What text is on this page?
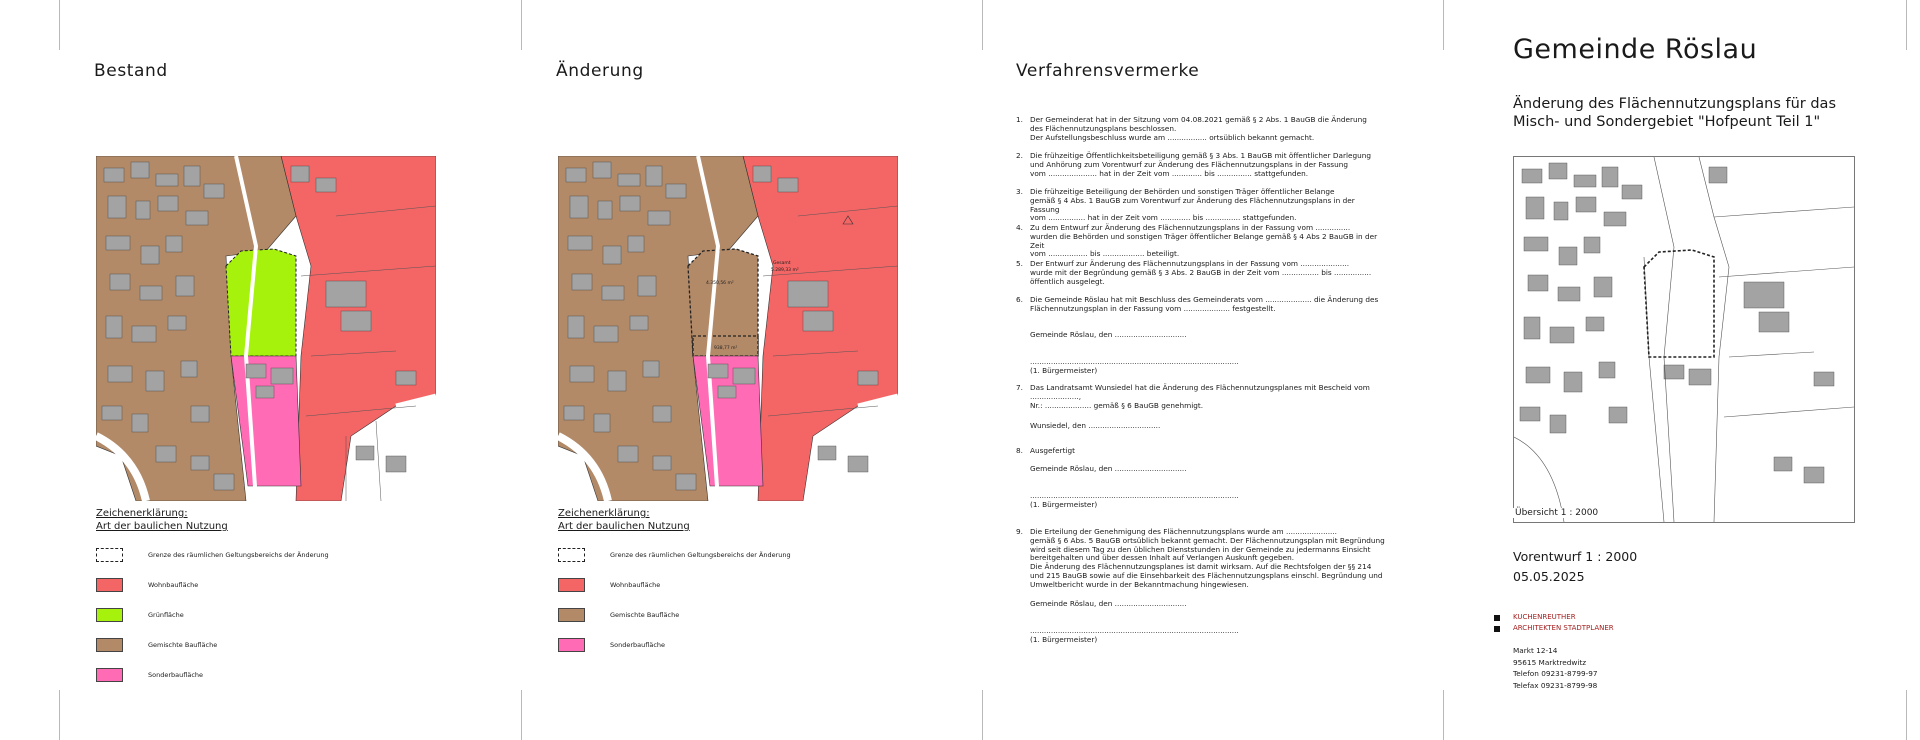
Bestand	Änderung	Verfahrensvermerke
4.350,56 m²
Gesamt
5.289,33 m²
938,77 m²
Zeichenerklärung:
Art der baulichen Nutzung
Grenze des räumlichen Geltungsbereichs der Änderung
Wohnbaufläche
Grünfläche
Gemischte Baufläche
Sonderbaufläche
Zeichenerklärung:
Art der baulichen Nutzung
Grenze des räumlichen Geltungsbereichs der Änderung
Wohnbaufläche
Gemischte Baufläche
Sonderbaufläche
1. Der Gemeinderat hat in der Sitzung vom 04.08.2021 gemäß § 2 Abs. 1 BauGB die Änderung
des Flächennutzungsplans beschlossen.
Der Aufstellungsbeschluss wurde am ................. ortsüblich bekannt gemacht.
2. Die frühzeitige Öffentlichkeitsbeteiligung gemäß § 3 Abs. 1 BauGB mit öffentlicher Darlegung
und Anhörung zum Vorentwurf zur Änderung des Flächennutzungsplans in der Fassung
vom ..................... hat in der Zeit vom ............. bis ............... stattgefunden.
3. Die frühzeitige Beteiligung der Behörden und sonstigen Träger öffentlicher Belange
gemäß § 4 Abs. 1 BauGB zum Vorentwurf zur Änderung des Flächennutzungsplans in der Fassung
vom ................ hat in der Zeit vom ............. bis ............... stattgefunden.
4. Zu dem Entwurf zur Änderung des Flächennutzungsplans in der Fassung vom ...............
wurden die Behörden und sonstigen Träger öffentlicher Belange gemäß § 4 Abs 2 BauGB in der Zeit
vom ................. bis .................. beteiligt.
5. Der Entwurf zur Änderung des Flächennutzungsplans in der Fassung vom .....................
wurde mit der Begründung gemäß § 3 Abs. 2 BauGB in der Zeit vom ................ bis ................
öffentlich ausgelegt.
6. Die Gemeinde Röslau hat mit Beschluss des Gemeinderats vom .................... die Änderung des
Flächennutzungsplan in der Fassung vom .................... festgestellt.
7. Das Landratsamt Wunsiedel hat die Änderung des Flächennutzungsplanes mit Bescheid vom .....................,
Nr.: .................... gemäß § 6 BauGB genehmigt.
8. Ausgefertigt
9. Die Erteilung der Genehmigung des Flächennutzungsplans wurde am ......................
gemäß § 6 Abs. 5 BauGB ortsüblich bekannt gemacht. Der Flächennutzungsplan mit Begründung
wird seit diesem Tag zu den üblichen Dienststunden in der Gemeinde zu jedermanns Einsicht
bereitgehalten und über dessen Inhalt auf Verlangen Auskunft gegeben.
Die Änderung des Flächennutzungsplanes ist damit wirksam. Auf die Rechtsfolgen der §§ 214
und 215 BauGB sowie auf die Einsehbarkeit des Flächennutzungsplans einschl. Begründung und
Umweltbericht wurde in der Bekanntmachung hingewiesen.
Gemeinde Röslau, den ...............................
..........................................................................................
(1. Bürgermeister)
Wunsiedel, den ...............................
Gemeinde Röslau, den ...............................
..........................................................................................
(1. Bürgermeister)
Gemeinde Röslau, den ...............................
..........................................................................................
(1. Bürgermeister)
Gemeinde Röslau

Änderung des Flächennutzungsplans für das
Misch- und Sondergebiet "Hofpeunt Teil 1"

Übersicht 1 : 2000
Vorentwurf 1 : 2000
05.05.2025
KUCHENREUTHER
ARCHITEKTEN STADTPLANER
Markt 12-14
95615 Marktredwitz
Telefon 09231-8799-97
Telefax 09231-8799-98
